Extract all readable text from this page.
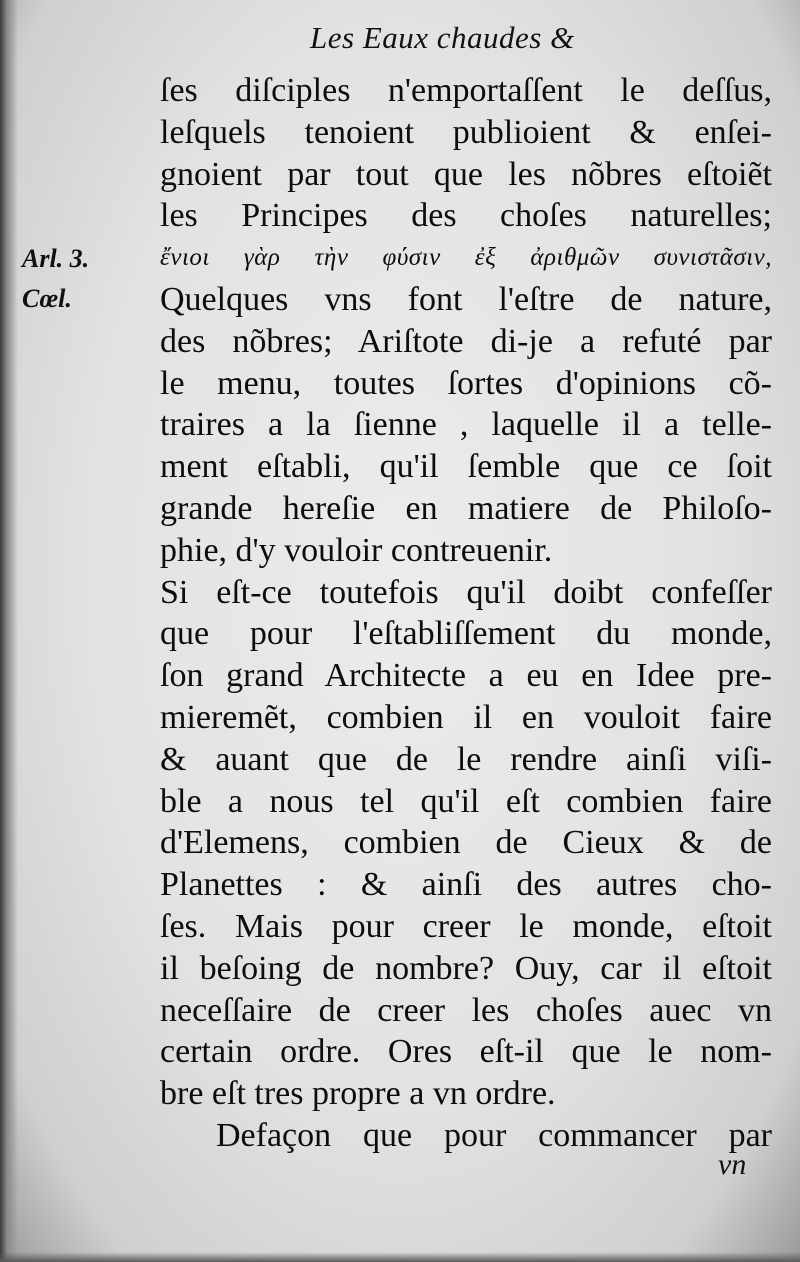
Les Eaux chaudes &
Arl. 3.
Cœl.
ſes diſciples n'emportaſſent le deſſus,
leſquels tenoient publioient & enſei-
gnoient par tout que les nõbres eſtoiẽt
les Principes des choſes naturelles;
ἔνιοι γὰρ τὴν φύσιν ἐξ ἀριθμῶν συνιστᾶσιν,
Quelques vns font l'eſtre de nature,
des nõbres; Ariſtote di-je a refuté par
le menu, toutes ſortes d'opinions cõ-
traires a la ſienne , laquelle il a telle-
ment eſtabli, qu'il ſemble que ce ſoit
grande hereſie en matiere de Philoſo-
phie, d'y vouloir contreuenir.
Si eſt-ce toutefois qu'il doibt confeſſer
que pour l'eſtabliſſement du monde,
ſon grand Architecte a eu en Idee pre-
mieremẽt, combien il en vouloit faire
& auant que de le rendre ainſi viſi-
ble a nous tel qu'il eſt combien faire
d'Elemens, combien de Cieux & de
Planettes : & ainſi des autres cho-
ſes. Mais pour creer le monde, eſtoit
il beſoing de nombre? Ouy, car il eſtoit
neceſſaire de creer les choſes auec vn
certain ordre. Ores eſt-il que le nom-
bre eſt tres propre a vn ordre.
Defaçon que pour commancer par
vn
